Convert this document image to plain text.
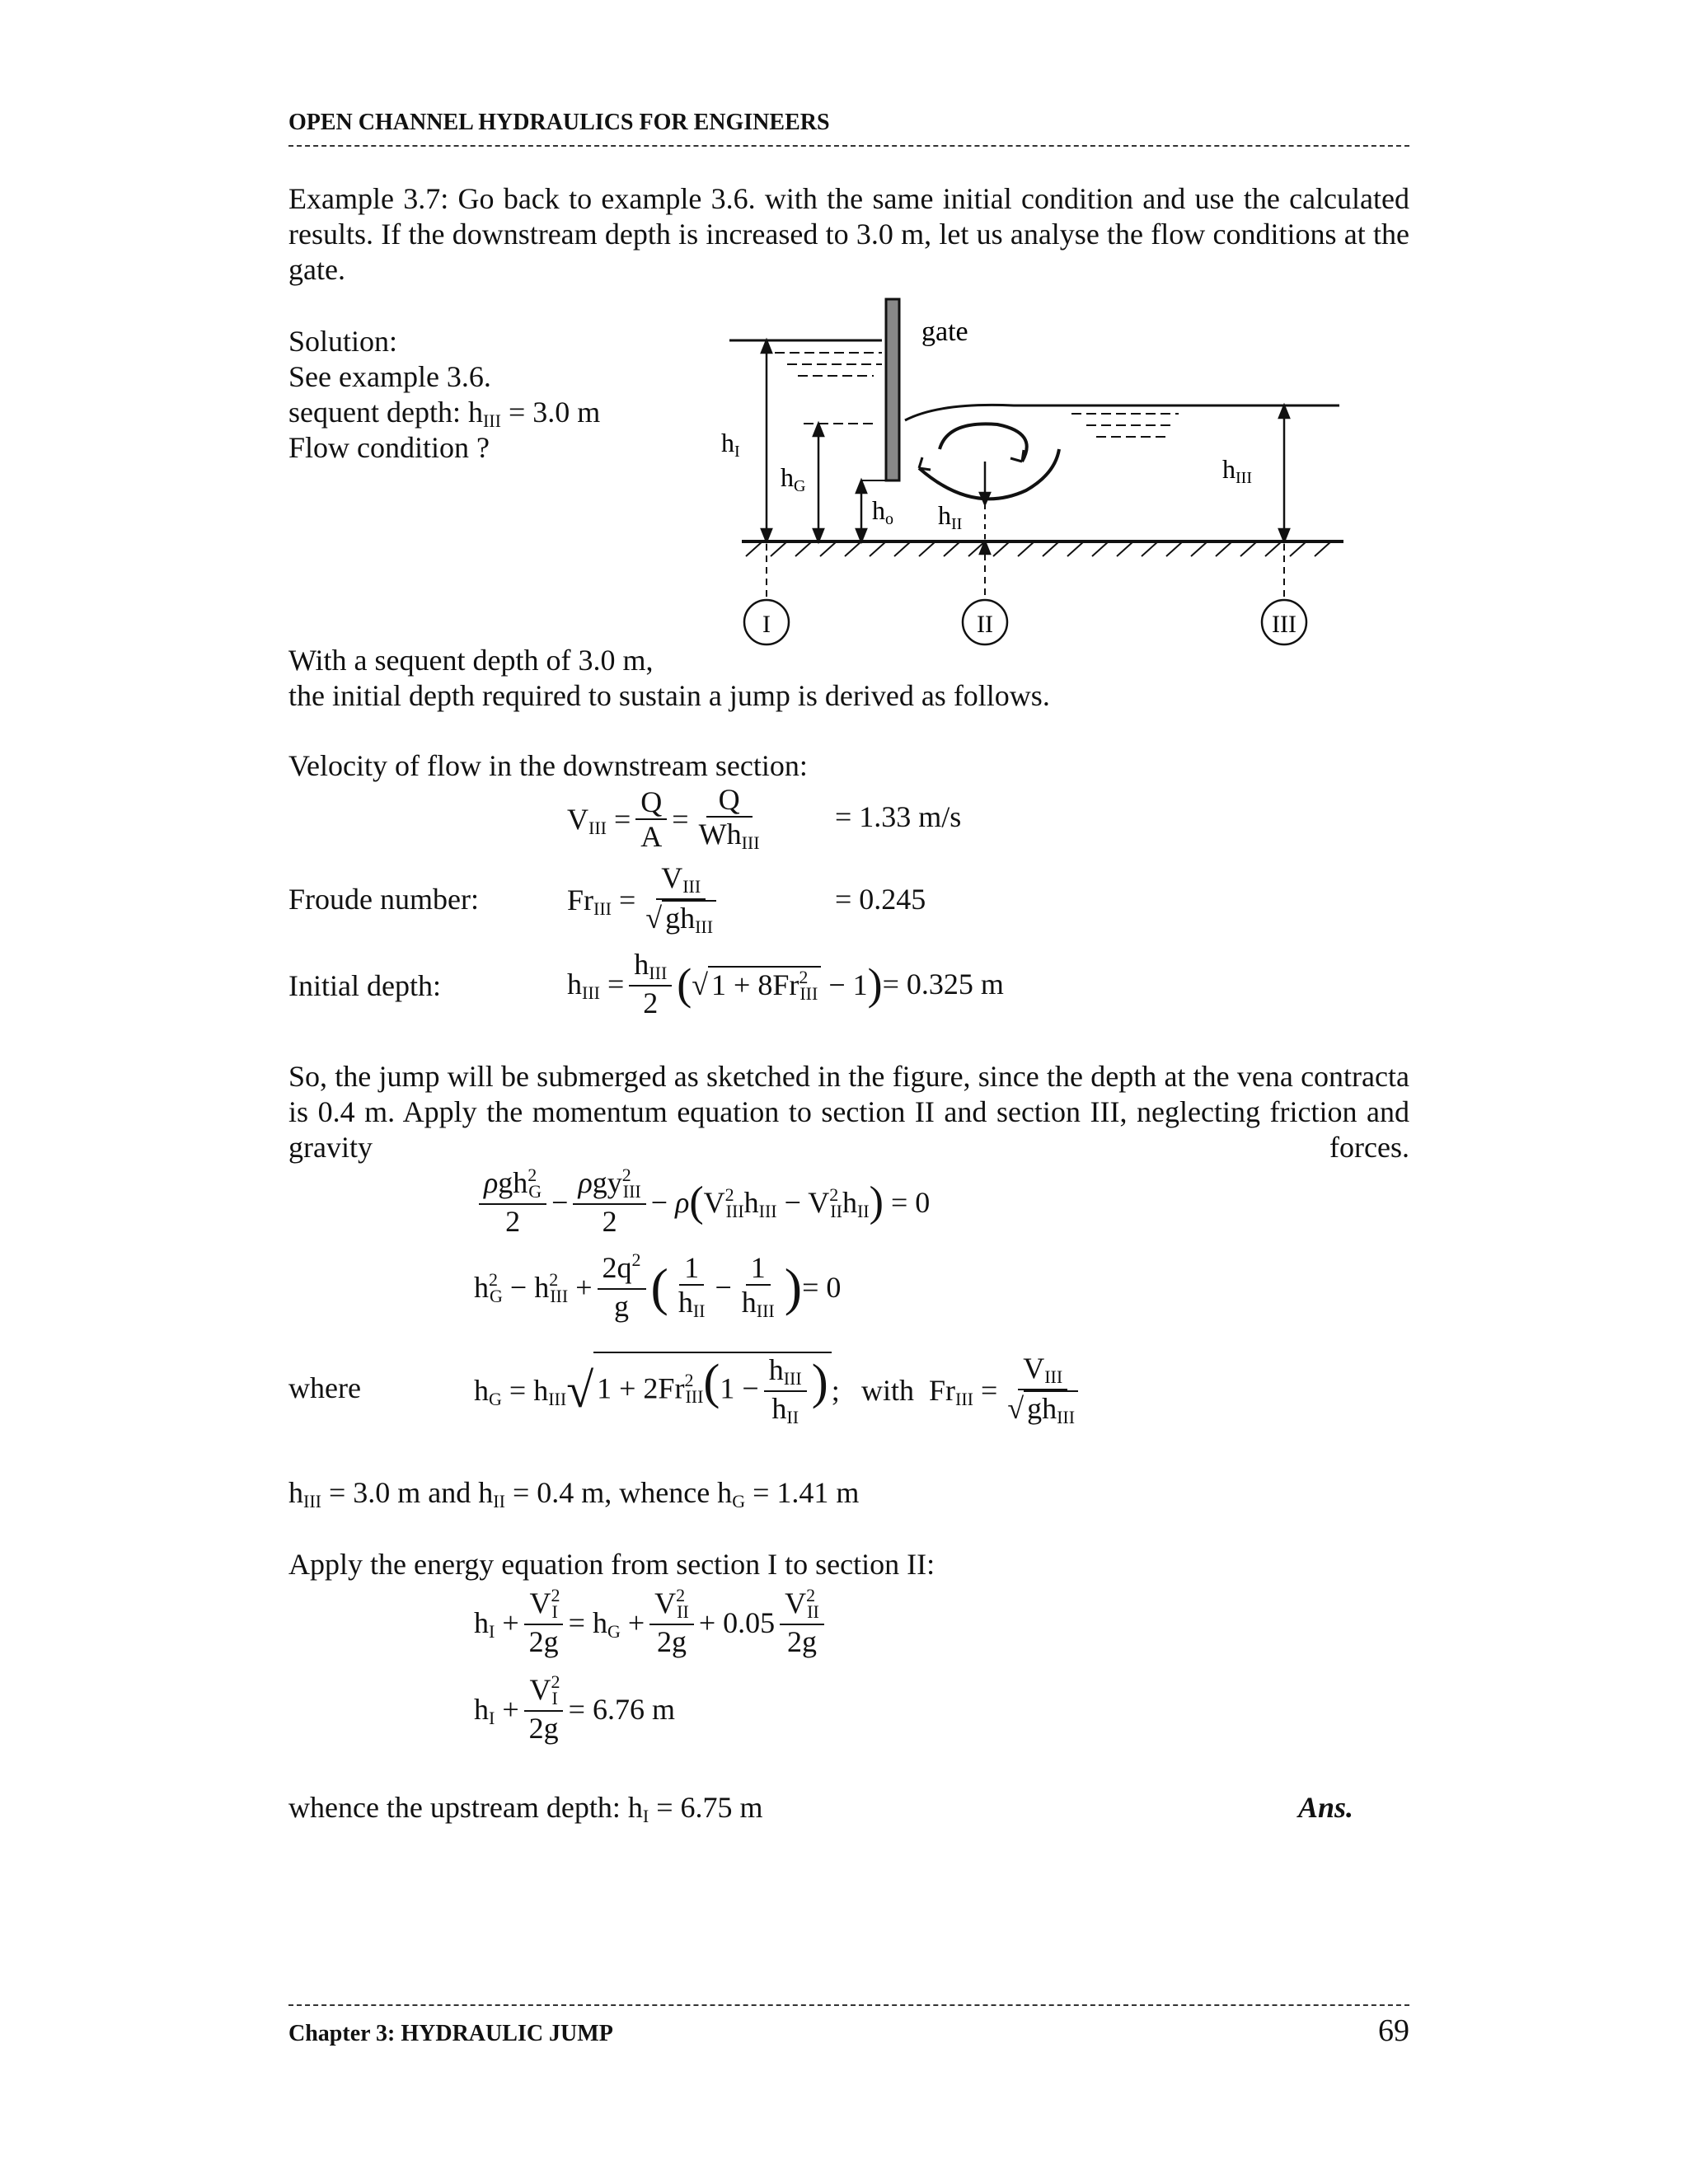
OPEN CHANNEL HYDRAULICS FOR ENGINEERS
Example 3.7: Go back to example 3.6. with the same initial condition and use the calculated results. If the downstream depth is increased to 3.0 m, let us analyse the flow conditions at the gate.
Solution:
See example 3.6.
sequent depth: hIII = 3.0 m
Flow condition ?
gate
hI
hG
ho hII
hIII
I	II	III
With a sequent depth of 3.0 m,
the initial depth required to sustain a jump is derived as follows.
Velocity of flow in the downstream section:
VIII = $\frac{Q}{A} = \frac{Q}{\text{WhIII}} = 1.33$ m/s
Froude number:	FrIII = $\frac{\text{VIII}}{\text{√ ghIII}}$	= 0.245
Initial depth:	hIII = $\frac{\text{hIII}}{2}$ ( √ $1 + 8Fr^2III - 1$ ) = 0.325 m
So, the jump will be submerged as sketched in the figure, since the depth at the vena contracta is 0.4 m. Apply the momentum equation to section II and section III, neglecting friction and gravity forces.
$\frac{\rho gh^2G}{2} - \frac{\rho gy^2III}{2} - \rho$ ( $V^2IIIhIII$ − $V^2IIhII$ ) = 0
$h^2G - h^2III + \frac{2q^2}{g}$ ( $\frac{1}{\text{hII}} - \frac{1}{\text{hIII}}$ ) = 0
where	hG = hIII √ $1 + 2Fr^2III(1 - \frac{\text{hIII}}{\text{hII}}$ ) ; with FrIII = $\frac{\text{VIII}}{\text{√ ghIII}}$
hIII = 3.0 m and hII = 0.4 m, whence hG = 1.41 m
Apply the energy equation from section I to section II:
hI + $\frac{V^2I}{2g}$ = hG + $\frac{V^2II}{2g} + 0.05 \frac{V^2II}{2g}$
hI + $\frac{V^2I}{2g} = 6.76$ m
whence the upstream depth: hI = 6.75 m	Ans.
Chapter 3: HYDRAULIC JUMP	69
